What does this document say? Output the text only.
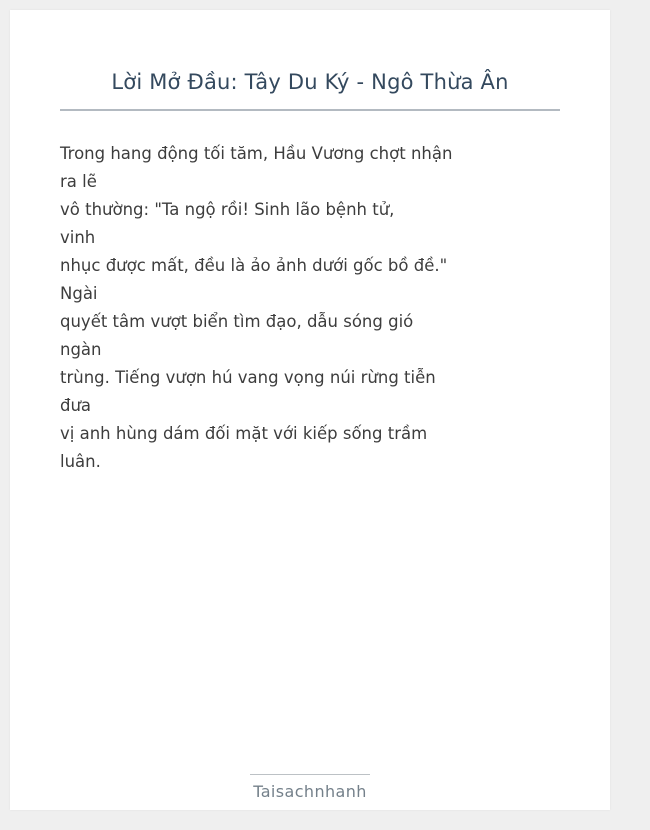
Lời Mở Đầu: Tây Du Ký - Ngô Thừa Ân
Trong hang động tối tăm, Hầu Vương chợt nhận
ra lẽ
vô thường: "Ta ngộ rồi! Sinh lão bệnh tử,
vinh
nhục được mất, đều là ảo ảnh dưới gốc bồ đề."
Ngài
quyết tâm vượt biển tìm đạo, dẫu sóng gió
ngàn
trùng. Tiếng vượn hú vang vọng núi rừng tiễn
đưa
vị anh hùng dám đối mặt với kiếp sống trầm
luân.
Taisachnhanh
